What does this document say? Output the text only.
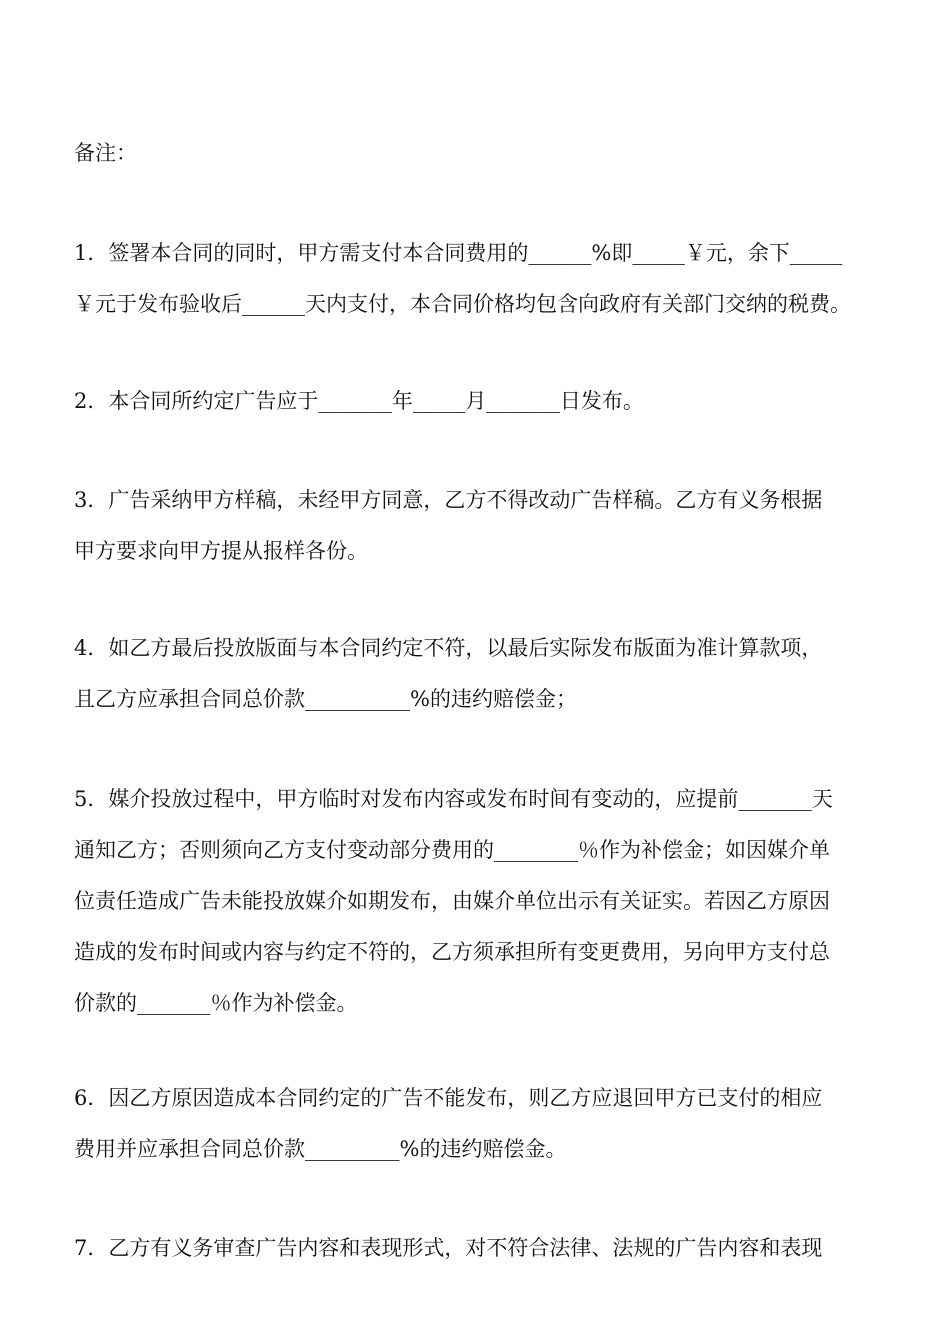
备注：
1．签署本合同的同时，甲方需支付本合同费用的______%即_____￥元，余下_____
￥元于发布验收后______天内支付，本合同价格均包含向政府有关部门交纳的税费。
2．本合同所约定广告应于_______年_____月_______日发布。
3．广告采纳甲方样稿，未经甲方同意，乙方不得改动广告样稿。乙方有义务根据
甲方要求向甲方提从报样各份。
4．如乙方最后投放版面与本合同约定不符，以最后实际发布版面为准计算款项，
且乙方应承担合同总价款__________%的违约赔偿金；
5．媒介投放过程中，甲方临时对发布内容或发布时间有变动的，应提前_______天
通知乙方；否则须向乙方支付变动部分费用的________％作为补偿金；如因媒介单
位责任造成广告未能投放媒介如期发布，由媒介单位出示有关证实。若因乙方原因
造成的发布时间或内容与约定不符的，乙方须承担所有变更费用，另向甲方支付总
价款的_______％作为补偿金。
6．因乙方原因造成本合同约定的广告不能发布，则乙方应退回甲方已支付的相应
费用并应承担合同总价款_________%的违约赔偿金。
7．乙方有义务审查广告内容和表现形式，对不符合法律、法规的广告内容和表现
